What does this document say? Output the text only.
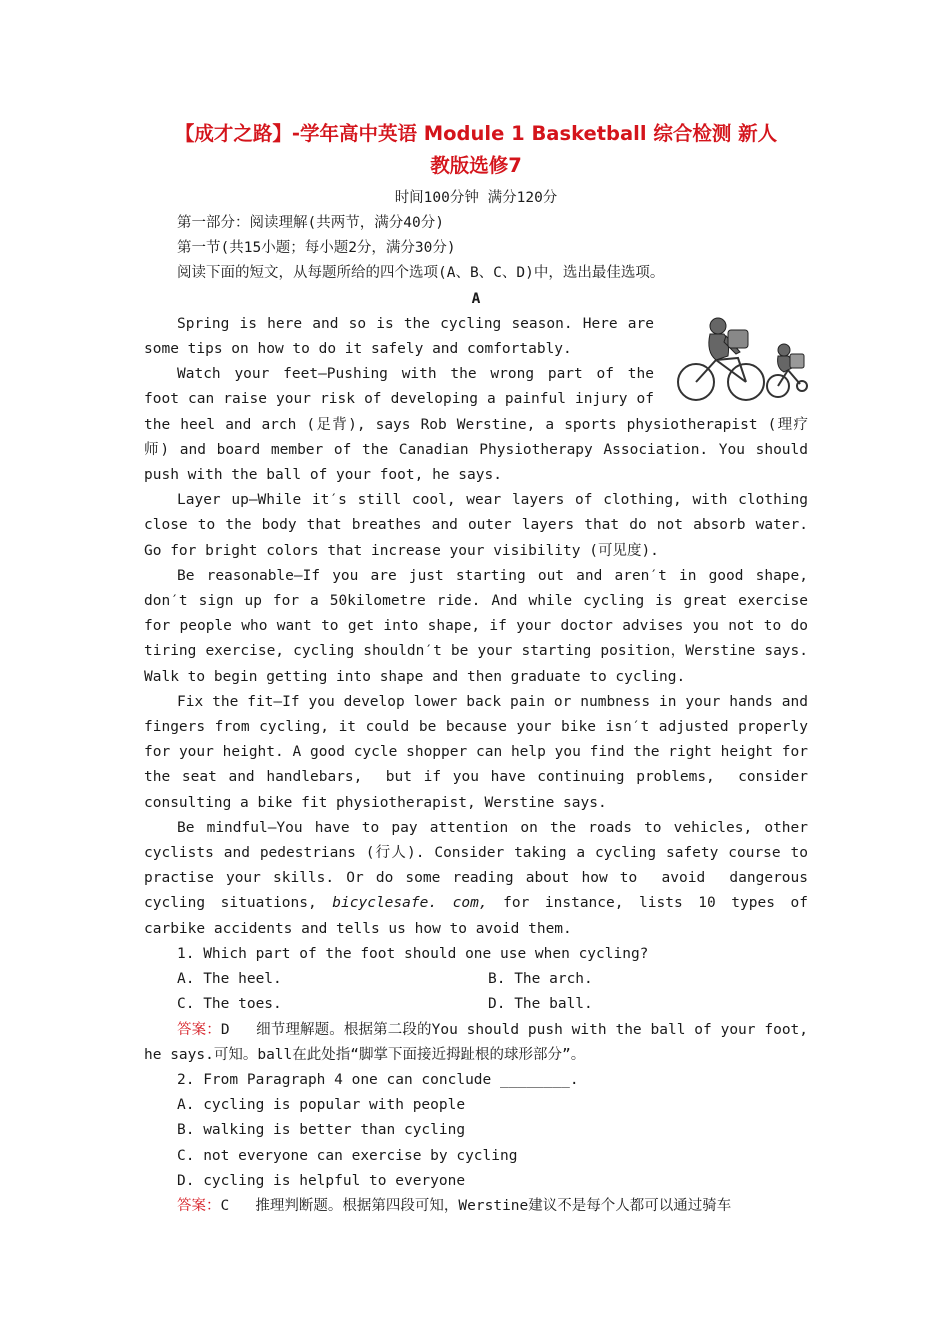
【成才之路】-学年高中英语 Module 1 Basketball 综合检测 新人

教版选修7

时间100分钟 满分120分

第一部分：阅读理解(共两节，满分40分)

第一节(共15小题；每小题2分，满分30分)

阅读下面的短文，从每题所给的四个选项(A、B、C、D)中，选出最佳选项。

A

Spring is here and so is the cycling season. Here are some tips on how to do it safely and comfortably.

Watch your feet—Pushing with the wrong part of the foot can raise your risk of developing a painful injury of the heel and arch (足背), says Rob Werstine, a sports physiotherapist (理疗师) and board member of the Canadian Physiotherapy Association. You should push with the ball of your foot, he says.

Layer up—While it′s still cool, wear layers of clothing, with clothing close to the body that breathes and outer layers that do not absorb water. Go for bright colors that increase your visibility (可见度).

Be reasonable—If you are just starting out and aren′t in good shape, don′t sign up for a 50kilometre ride. And while cycling is great exercise for people who want to get into shape, if your doctor advises you not to do tiring exercise, cycling shouldn′t be your starting position，Werstine says. Walk to begin getting into shape and then graduate to cycling.

Fix the fit—If you develop lower back pain or numbness in your hands and fingers from cycling, it could be because your bike isn′t adjusted properly for your height. A good cycle shopper can help you find the right height for the seat and handlebars,  but if you have continuing problems,  consider consulting a bike fit physiotherapist, Werstine says.

Be mindful—You have to pay attention on the roads to vehicles, other cyclists and pedestrians (行人). Consider taking a cycling safety course to practise your skills. Or do some reading about how to  avoid  dangerous cycling situations, bicyclesafe. com, for instance, lists 10 types of carbike accidents and tells us how to avoid them.

1. Which part of the foot should one use when cycling?

A. The heel.	B. The arch.
C. The toes.	D. The ball.

答案：D   细节理解题。根据第二段的You should push with the ball of your foot, he says.可知。ball在此处指“脚掌下面接近拇趾根的球形部分”。

2. From Paragraph 4 one can conclude ________.

A. cycling is popular with people
B. walking is better than cycling
C. not everyone can exercise by cycling
D. cycling is helpful to everyone

答案：C   推理判断题。根据第四段可知，Werstine建议不是每个人都可以通过骑车
